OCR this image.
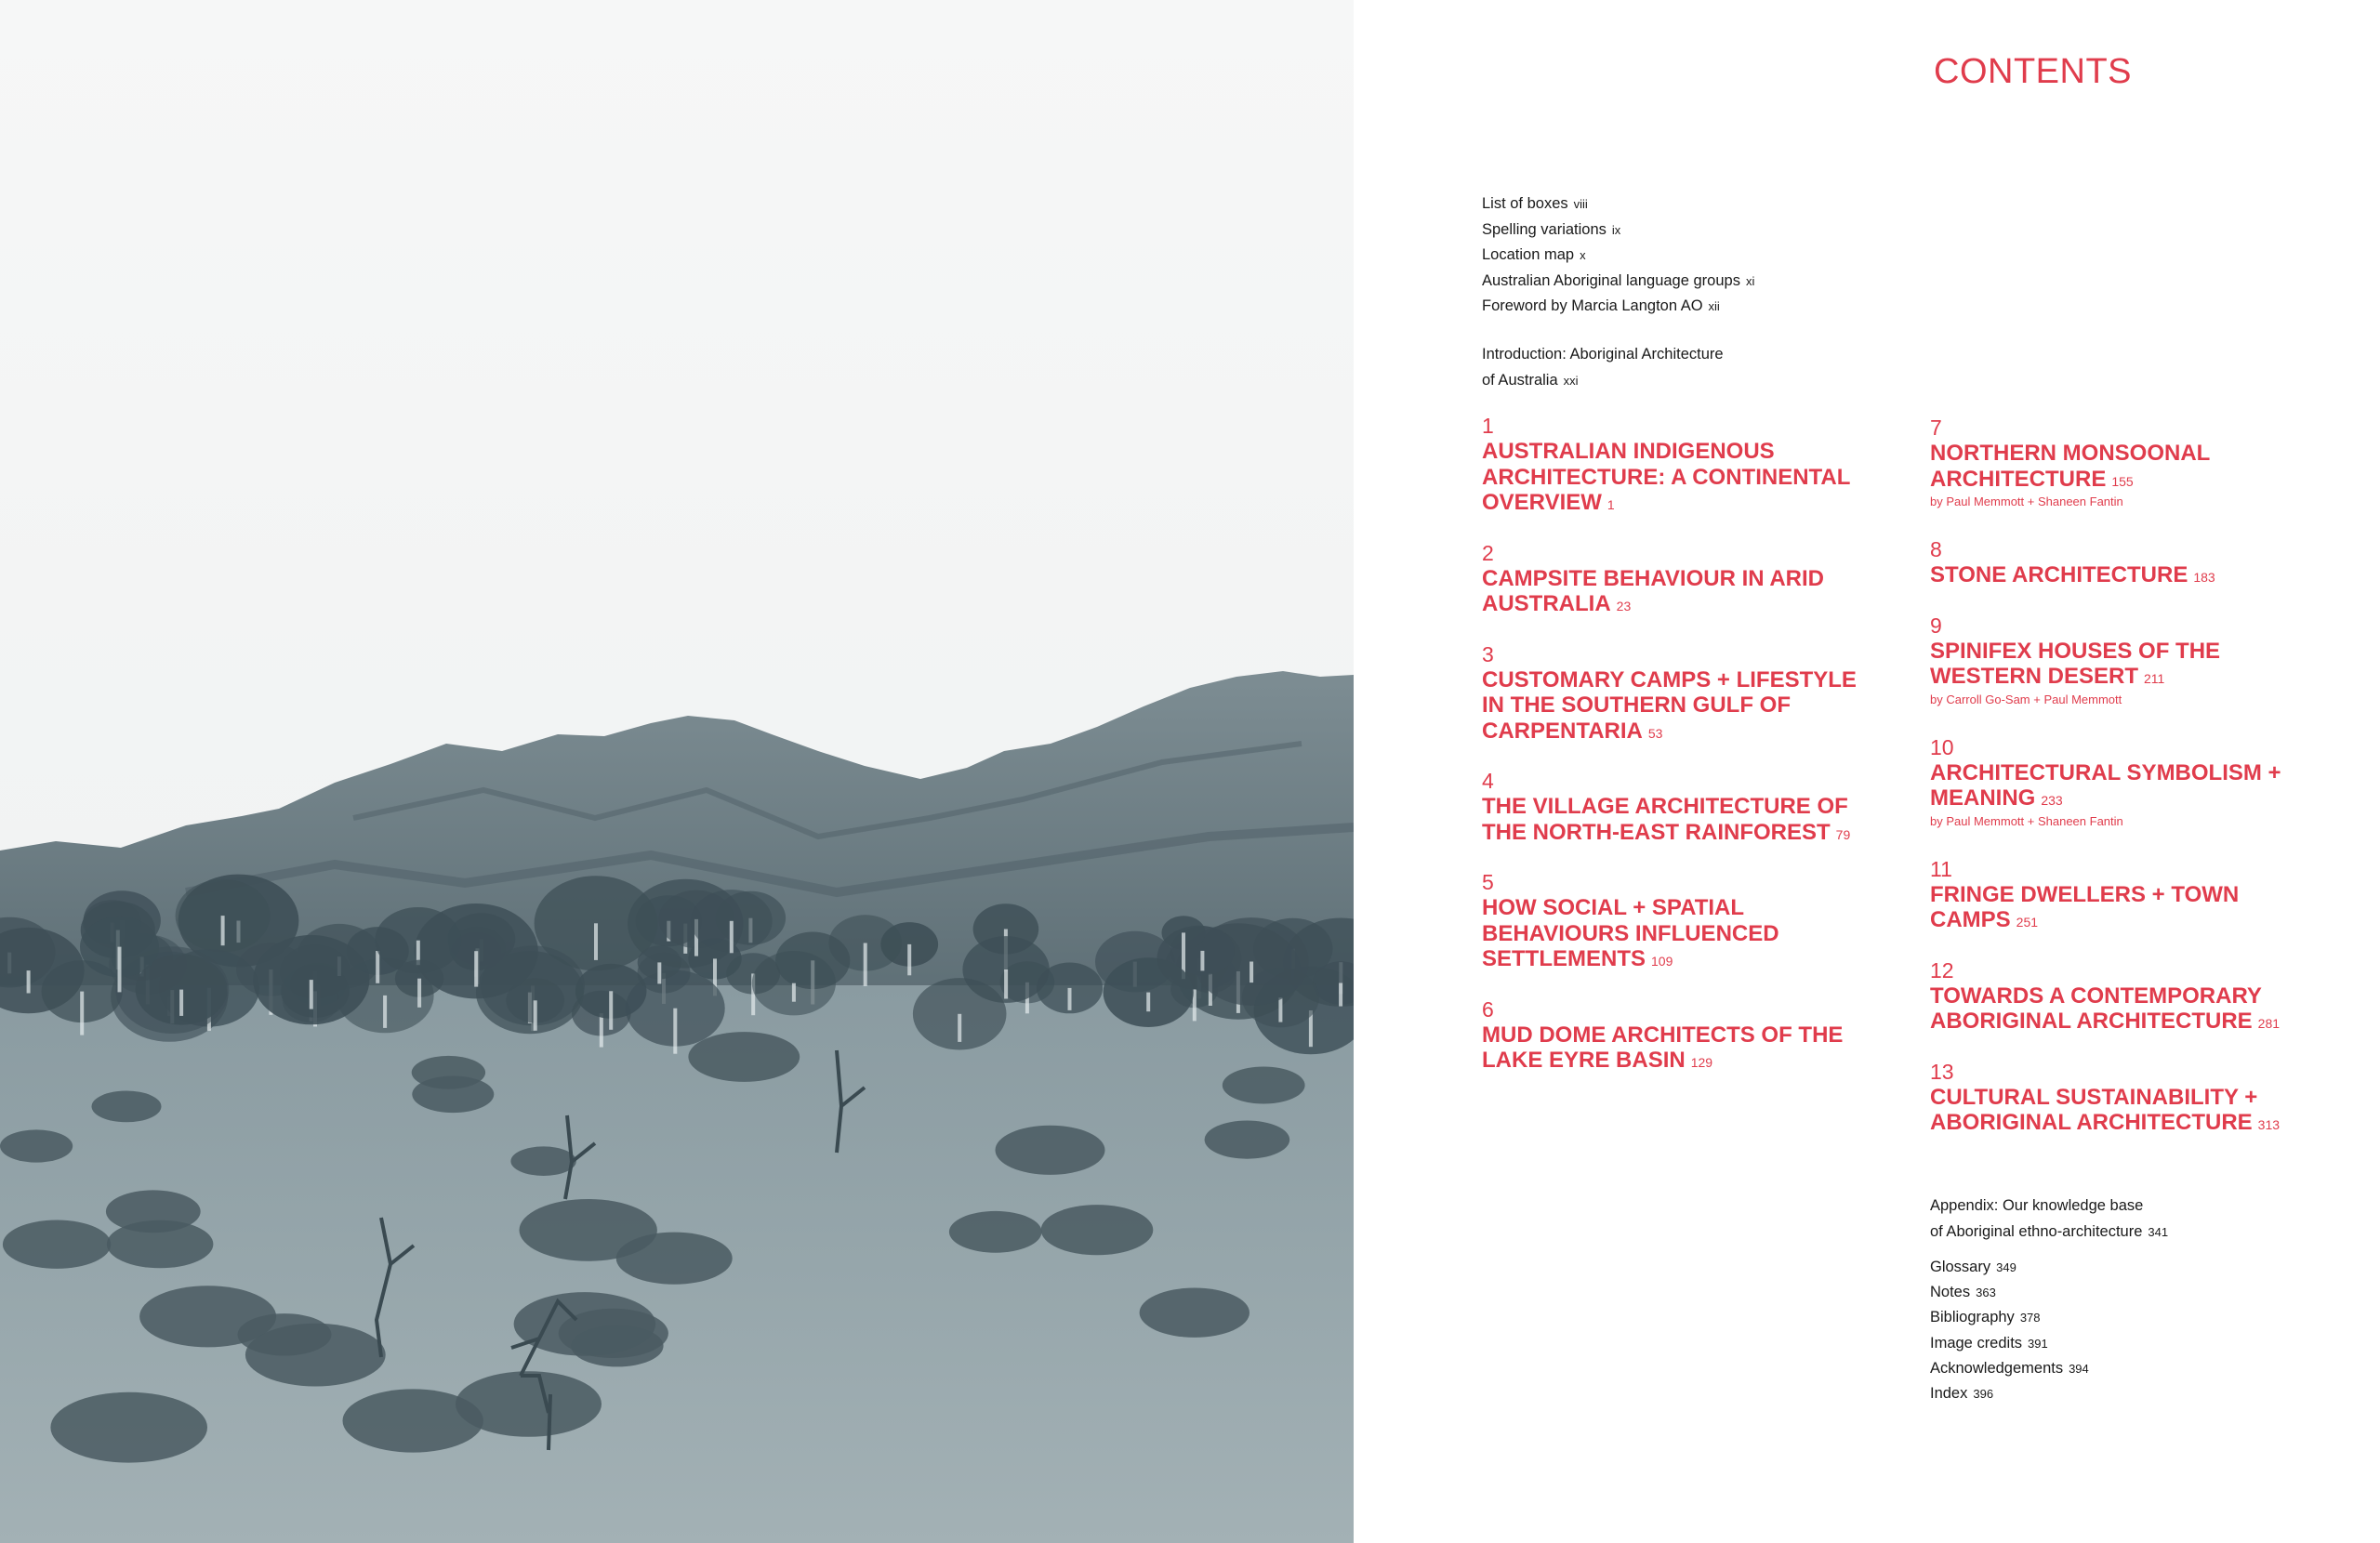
CONTENTS
List of boxes viii
Spelling variations ix
Location map x
Australian Aboriginal language groups xi
Foreword by Marcia Langton AO xii
Introduction: Aboriginal Architecture
of Australia xxi
1
AUSTRALIAN INDIGENOUS ARCHITECTURE: A CONTINENTAL OVERVIEW 1
2
CAMPSITE BEHAVIOUR IN ARID AUSTRALIA 23
3
CUSTOMARY CAMPS + LIFESTYLE IN THE SOUTHERN GULF OF CARPENTARIA 53
4
THE VILLAGE ARCHITECTURE OF THE NORTH-EAST RAINFOREST 79
5
HOW SOCIAL + SPATIAL BEHAVIOURS INFLUENCED SETTLEMENTS 109
6
MUD DOME ARCHITECTS OF THE LAKE EYRE BASIN 129
7
NORTHERN MONSOONAL ARCHITECTURE 155
by Paul Memmott + Shaneen Fantin
8
STONE ARCHITECTURE 183
9
SPINIFEX HOUSES OF THE WESTERN DESERT 211
by Carroll Go-Sam + Paul Memmott
10
ARCHITECTURAL SYMBOLISM + MEANING 233
by Paul Memmott + Shaneen Fantin
11
FRINGE DWELLERS + TOWN CAMPS 251
12
TOWARDS A CONTEMPORARY ABORIGINAL ARCHITECTURE 281
13
CULTURAL SUSTAINABILITY + ABORIGINAL ARCHITECTURE 313
Appendix: Our knowledge base
of Aboriginal ethno-architecture 341
Glossary 349
Notes 363
Bibliography 378
Image credits 391
Acknowledgements 394
Index 396
